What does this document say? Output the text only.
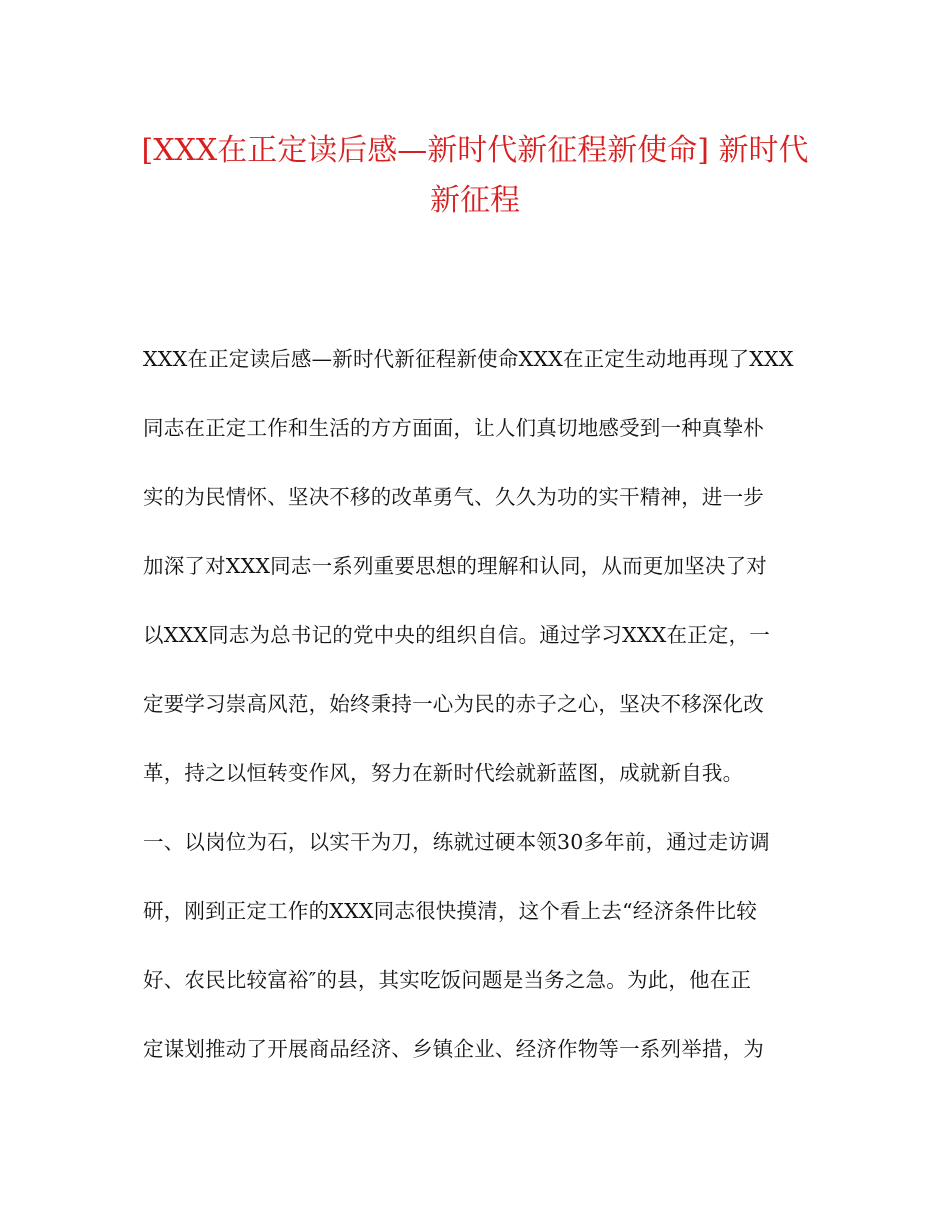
[XXX在正定读后感—新时代新征程新使命] 新时代
新征程
XXX在正定读后感—新时代新征程新使命XXX在正定生动地再现了XXX
同志在正定工作和生活的方方面面，让人们真切地感受到一种真挚朴
实的为民情怀、坚决不移的改革勇气、久久为功的实干精神，进一步
加深了对XXX同志一系列重要思想的理解和认同，从而更加坚决了对
以XXX同志为总书记的党中央的组织自信。通过学习XXX在正定，一
定要学习崇高风范，始终秉持一心为民的赤子之心，坚决不移深化改
革，持之以恒转变作风，努力在新时代绘就新蓝图，成就新自我。
一、以岗位为石，以实干为刀，练就过硬本领30多年前，通过走访调
研，刚到正定工作的XXX同志很快摸清，这个看上去“经济条件比较
好、农民比较富裕″的县，其实吃饭问题是当务之急。为此，他在正
定谋划推动了开展商品经济、乡镇企业、经济作物等一系列举措，为
